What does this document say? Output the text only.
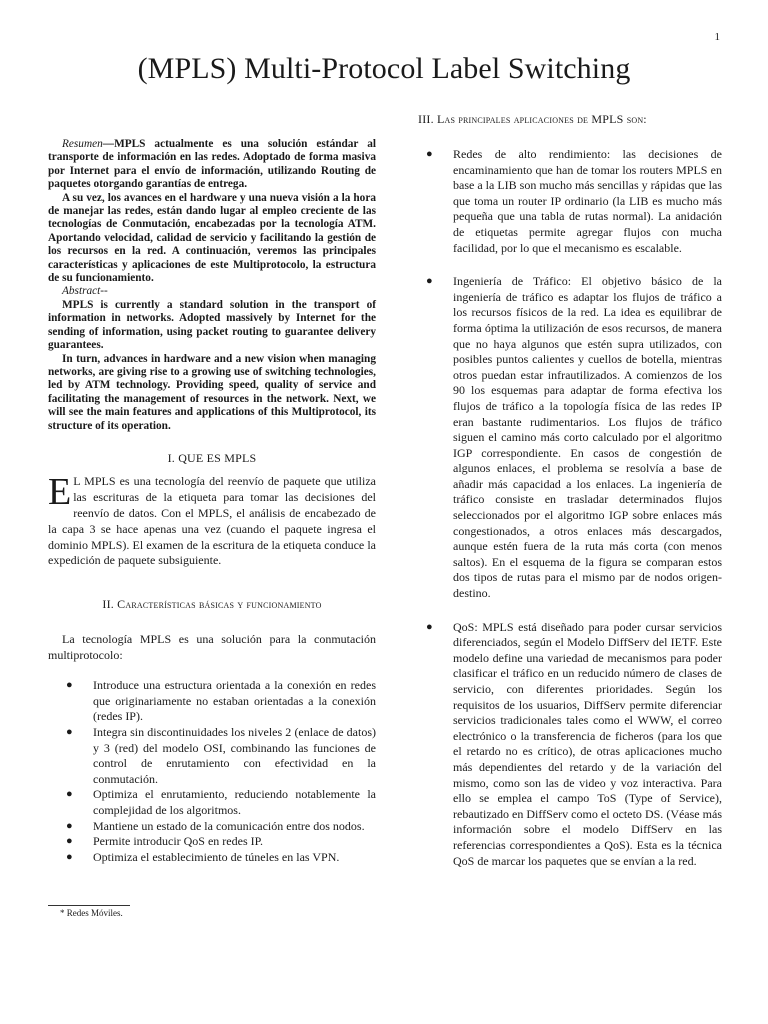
1
(MPLS) Multi-Protocol Label Switching

Resumen—MPLS actualmente es una solución estándar al transporte de información en las redes. Adoptado de forma masiva por Internet para el envío de información, utilizando Routing de paquetes otorgando garantías de entrega.

A su vez, los avances en el hardware y una nueva visión a la hora de manejar las redes, están dando lugar al empleo creciente de las tecnologías de Conmutación, encabezadas por la tecnología ATM. Aportando velocidad, calidad de servicio y facilitando la gestión de los recursos en la red. A continuación, veremos las principales características y aplicaciones de este Multiprotocolo, la estructura de su funcionamiento.

Abstract--

MPLS is currently a standard solution in the transport of information in networks. Adopted massively by Internet for the sending of information, using packet routing to guarantee delivery guarantees.

In turn, advances in hardware and a new vision when managing networks, are giving rise to a growing use of switching technologies, led by ATM technology. Providing speed, quality of service and facilitating the management of resources in the network. Next, we will see the main features and applications of this Multiprotocol, its structure of its operation.

I. QUE ES MPLS

E L MPLS es una tecnología del reenvío de paquete que utiliza las escrituras de la etiqueta para tomar las decisiones del reenvío de datos. Con el MPLS, el análisis de encabezado de la capa 3 se hace apenas una vez (cuando el paquete ingresa el dominio MPLS). El examen de la escritura de la etiqueta conduce la expedición de paquete subsiguiente.

II. Características básicas y funcionamiento

La tecnología MPLS es una solución para la conmutación multiprotocolo:

● Introduce una estructura orientada a la conexión en redes que originariamente no estaban orientadas a la conexión (redes IP).
● Integra sin discontinuidades los niveles 2 (enlace de datos) y 3 (red) del modelo OSI, combinando las funciones de control de enrutamiento con efectividad en la conmutación.
● Optimiza el enrutamiento, reduciendo notablemente la complejidad de los algoritmos.
● Mantiene un estado de la comunicación entre dos nodos.
● Permite introducir QoS en redes IP.
● Optimiza el establecimiento de túneles en las VPN.
III. Las principales aplicaciones de MPLS son:
● Redes de alto rendimiento: las decisiones de encaminamiento que han de tomar los routers MPLS en base a la LIB son mucho más sencillas y rápidas que las que toma un router IP ordinario (la LIB es mucho más pequeña que una tabla de rutas normal). La anidación de etiquetas permite agregar flujos con mucha facilidad, por lo que el mecanismo es escalable.
● Ingeniería de Tráfico: El objetivo básico de la ingeniería de tráfico es adaptar los flujos de tráfico a los recursos físicos de la red. La idea es equilibrar de forma óptima la utilización de esos recursos, de manera que no haya algunos que estén supra utilizados, con posibles puntos calientes y cuellos de botella, mientras otros puedan estar infrautilizados. A comienzos de los 90 los esquemas para adaptar de forma efectiva los flujos de tráfico a la topología física de las redes IP eran bastante rudimentarios. Los flujos de tráfico siguen el camino más corto calculado por el algoritmo IGP correspondiente. En casos de congestión de algunos enlaces, el problema se resolvía a base de añadir más capacidad a los enlaces. La ingeniería de tráfico consiste en trasladar determinados flujos seleccionados por el algoritmo IGP sobre enlaces más congestionados, a otros enlaces más descargados, aunque estén fuera de la ruta más corta (con menos saltos). En el esquema de la figura se comparan estos dos tipos de rutas para el mismo par de nodos origen-destino.
● QoS: MPLS está diseñado para poder cursar servicios diferenciados, según el Modelo DiffServ del IETF. Este modelo define una variedad de mecanismos para poder clasificar el tráfico en un reducido número de clases de servicio, con diferentes prioridades. Según los requisitos de los usuarios, DiffServ permite diferenciar servicios tradicionales tales como el WWW, el correo electrónico o la transferencia de ficheros (para los que el retardo no es crítico), de otras aplicaciones mucho más dependientes del retardo y de la variación del mismo, como son las de video y voz interactiva. Para ello se emplea el campo ToS (Type of Service), rebautizado en DiffServ como el octeto DS. (Véase más información sobre el modelo DiffServ en las referencias correspondientes a QoS). Esta es la técnica QoS de marcar los paquetes que se envían a la red.
* Redes Móviles.
